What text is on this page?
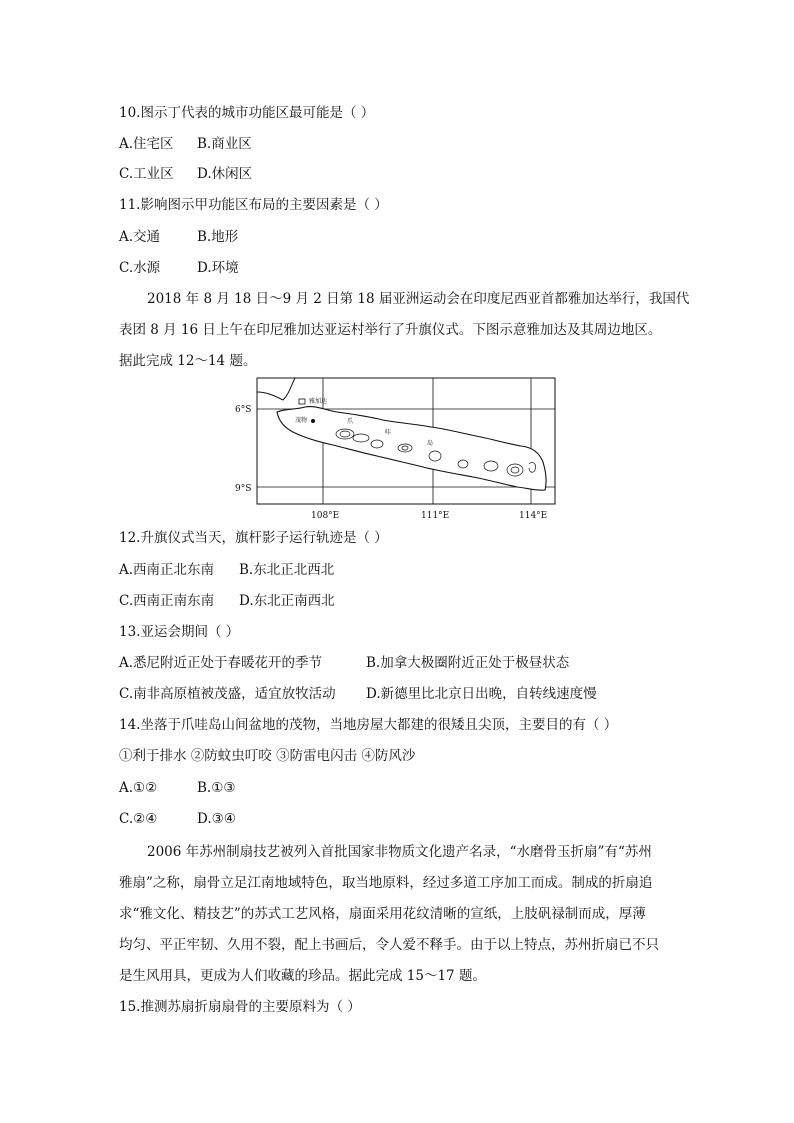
10.图示丁代表的城市功能区最可能是（ ）
A.住宅区 B.商业区
C.工业区 D.休闲区
11.影响图示甲功能区布局的主要因素是（ ）
A.交通	B.地形
C.水源	D.环境
2018 年 8 月 18 日～9 月 2 日第 18 届亚洲运动会在印度尼西亚首都雅加达举行，我国代
表团 8 月 16 日上午在印尼雅加达亚运村举行了升旗仪式。下图示意雅加达及其周边地区。
据此完成 12～14 题。
6°S
9°S
108°E	111°E	114°E
雅加达
茂物	爪
哇
岛
12.升旗仪式当天，旗杆影子运行轨迹是（ ）
A.西南正北东南 B.东北正北西北
C.西南正南东南 D.东北正南西北
13.亚运会期间（ ）
A.悉尼附近正处于春暖花开的季节	B.加拿大极圈附近正处于极昼状态
C.南非高原植被茂盛，适宜放牧活动 D.新德里比北京日出晚，自转线速度慢
14.坐落于爪哇岛山间盆地的茂物，当地房屋大都建的很矮且尖顶，主要目的有（ ）
①利于排水 ②防蚊虫叮咬 ③防雷电闪击 ④防风沙
A.①②	B.①③
C.②④	D.③④
2006 年苏州制扇技艺被列入首批国家非物质文化遗产名录，“水磨骨玉折扇”有“苏州
雅扇”之称，扇骨立足江南地域特色，取当地原料，经过多道工序加工而成。制成的折扇追
求“雅文化、精技艺”的苏式工艺风格，扇面采用花纹清晰的宣纸，上肢矾禄制而成，厚薄
均匀、平正牢韧、久用不裂，配上书画后，令人爱不释手。由于以上特点，苏州折扇已不只
是生风用具，更成为人们收藏的珍品。据此完成 15～17 题。
15.推测苏扇折扇扇骨的主要原料为（ ）
